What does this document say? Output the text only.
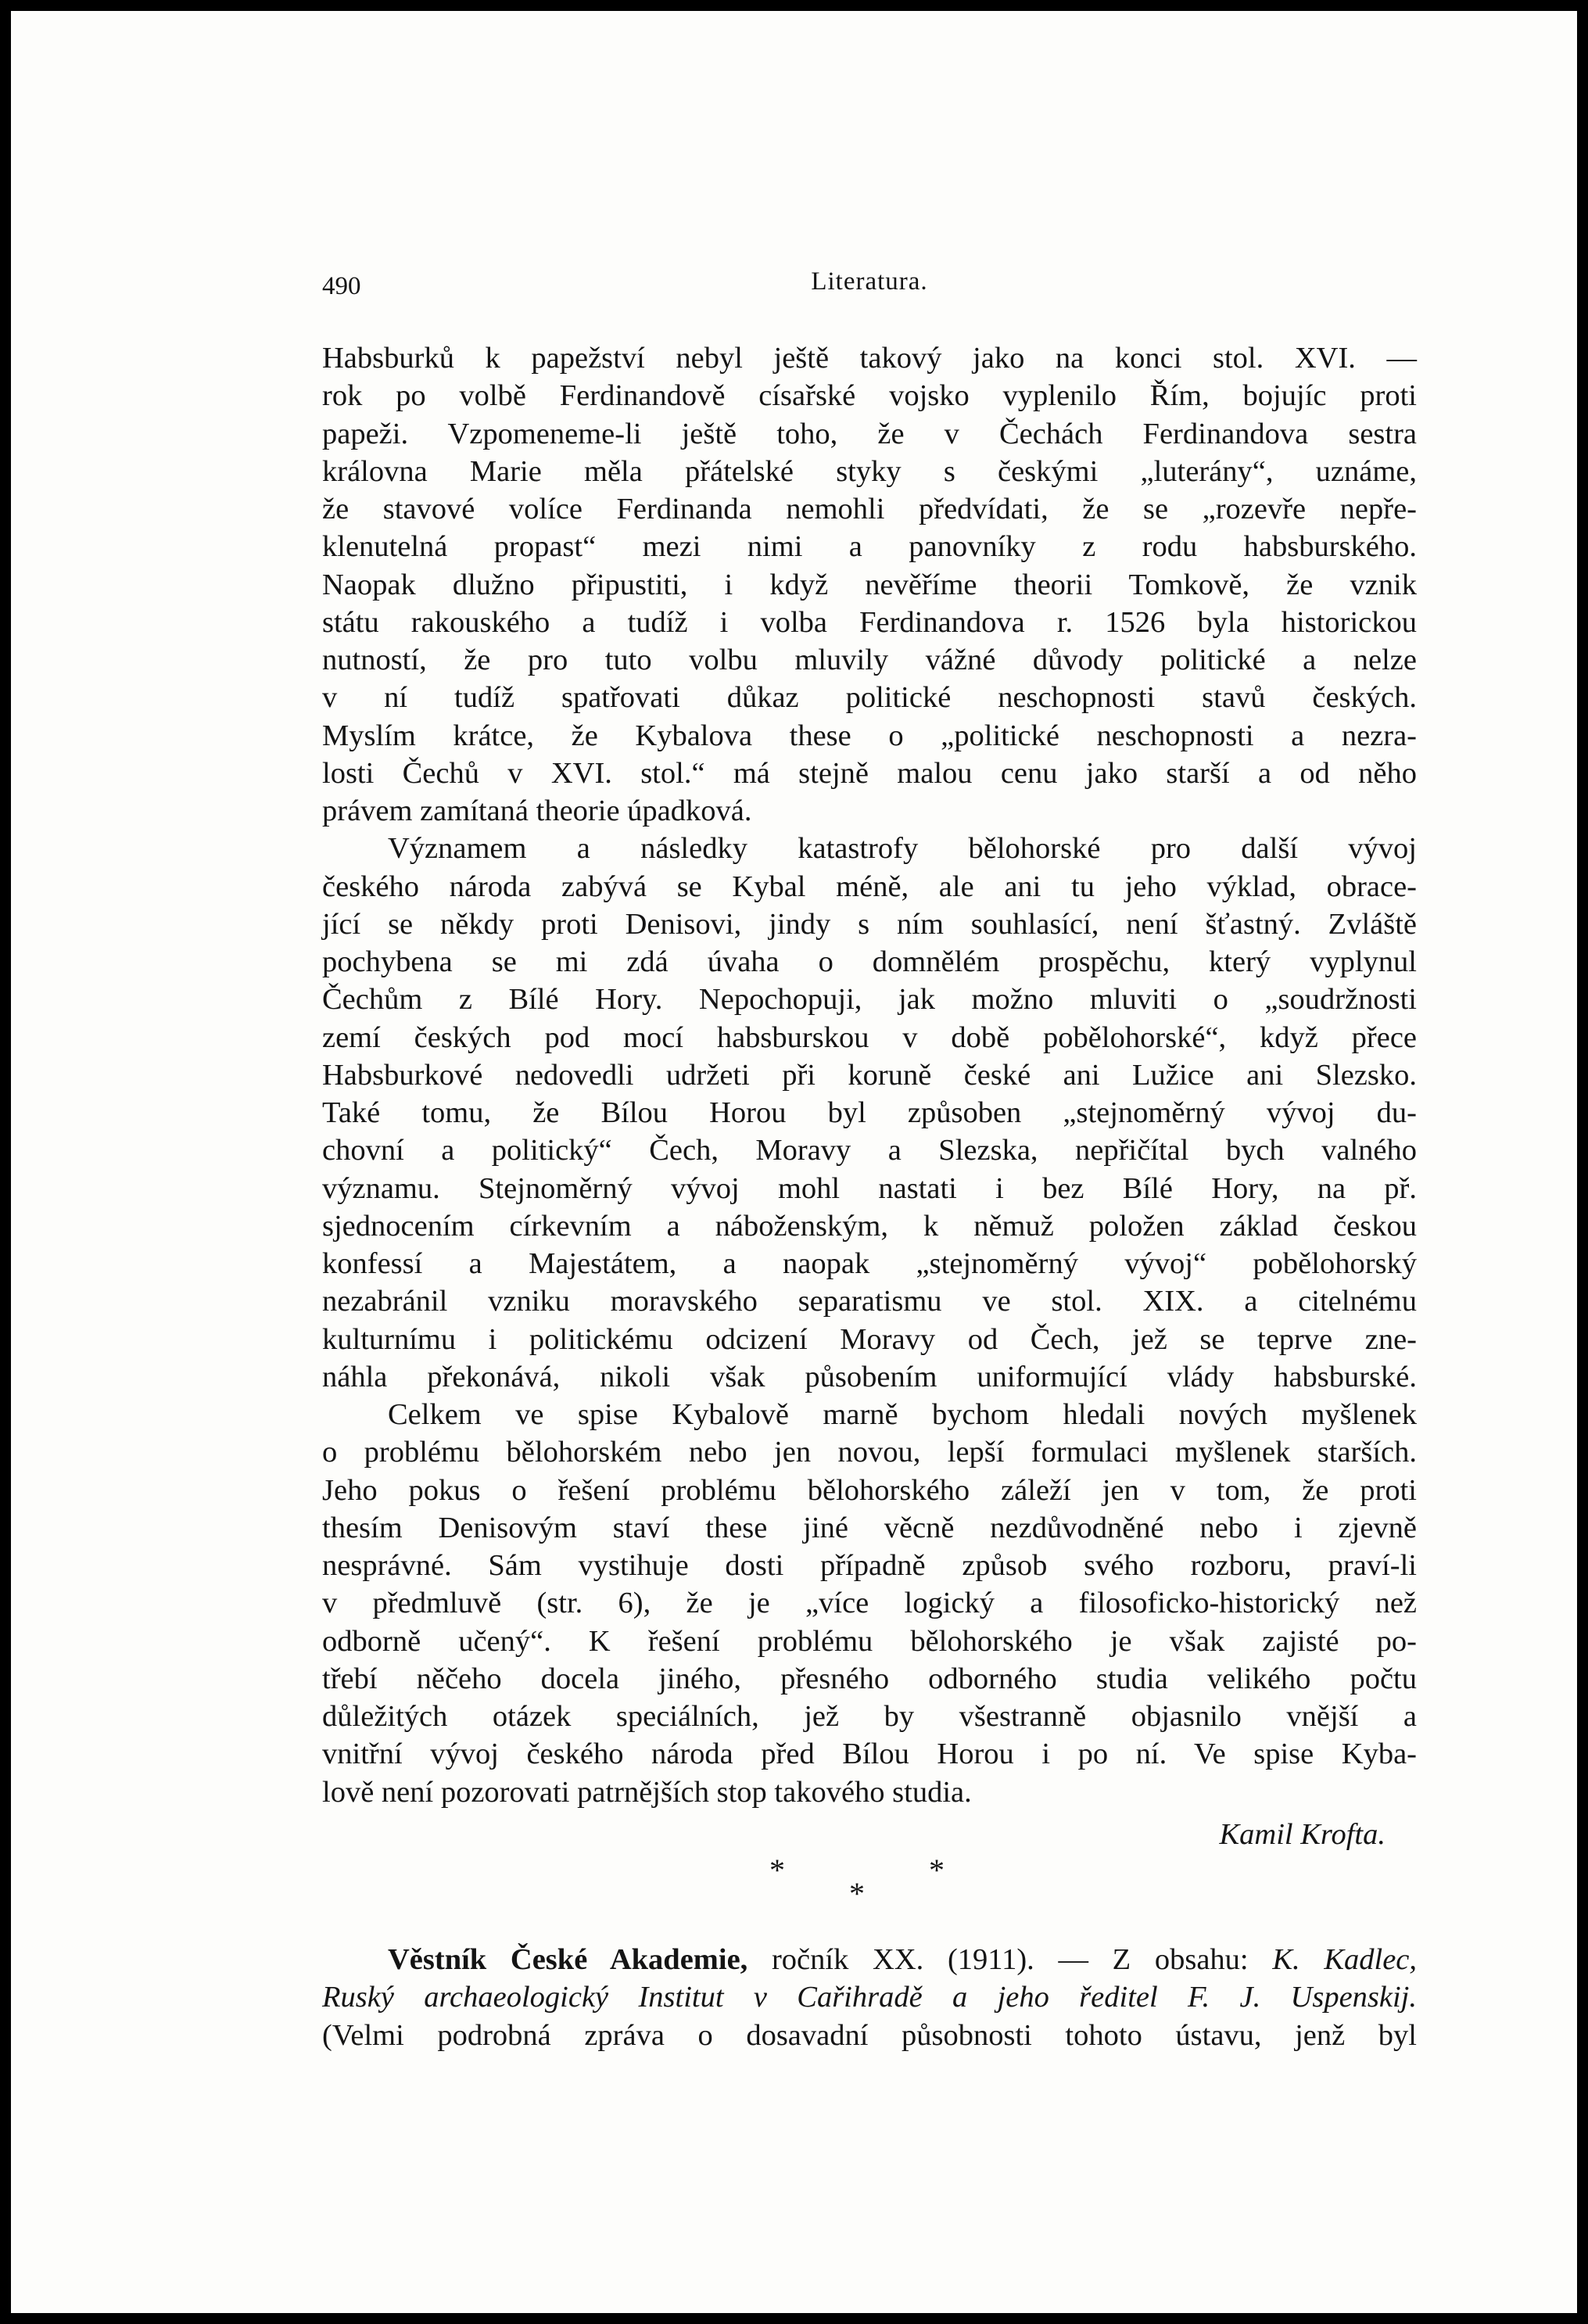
490	Literatura.
Habsburků k papežství nebyl ještě takový jako na konci stol. XVI. —
rok po volbě Ferdinandově císařské vojsko vyplenilo Řím, bojujíc proti
papeži. Vzpomeneme-li ještě toho, že v Čechách Ferdinandova sestra
královna Marie měla přátelské styky s českými „luterány“, uznáme,
že stavové volíce Ferdinanda nemohli předvídati, že se „rozevře nepře-
klenutelná propast“ mezi nimi a panovníky z rodu habsburského.
Naopak dlužno připustiti, i když nevěříme theorii Tomkově, že vznik
státu rakouského a tudíž i volba Ferdinandova r. 1526 byla historickou
nutností, že pro tuto volbu mluvily vážné důvody politické a nelze
v ní tudíž spatřovati důkaz politické neschopnosti stavů českých.
Myslím krátce, že Kybalova these o „politické neschopnosti a nezra-
losti Čechů v XVI. stol.“ má stejně malou cenu jako starší a od něho
právem zamítaná theorie úpadková.
Významem a následky katastrofy bělohorské pro další vývoj
českého národa zabývá se Kybal méně, ale ani tu jeho výklad, obrace-
jící se někdy proti Denisovi, jindy s ním souhlasící, není šťastný. Zvláště
pochybena se mi zdá úvaha o domnělém prospěchu, který vyplynul
Čechům z Bílé Hory. Nepochopuji, jak možno mluviti o „soudržnosti
zemí českých pod mocí habsburskou v době pobělohorské“, když přece
Habsburkové nedovedli udržeti při koruně české ani Lužice ani Slezsko.
Také tomu, že Bílou Horou byl způsoben „stejnoměrný vývoj du-
chovní a politický“ Čech, Moravy a Slezska, nepřičítal bych valného
významu. Stejnoměrný vývoj mohl nastati i bez Bílé Hory, na př.
sjednocením církevním a náboženským, k němuž položen základ českou
konfessí a Majestátem, a naopak „stejnoměrný vývoj“ pobělohorský
nezabránil vzniku moravského separatismu ve stol. XIX. a citelnému
kulturnímu i politickému odcizení Moravy od Čech, jež se teprve zne-
náhla překonává, nikoli však působením uniformující vlády habsburské.
Celkem ve spise Kybalově marně bychom hledali nových myšlenek
o problému bělohorském nebo jen novou, lepší formulaci myšlenek starších.
Jeho pokus o řešení problému bělohorského záleží jen v tom, že proti
thesím Denisovým staví these jiné věcně nezdůvodněné nebo i zjevně
nesprávné. Sám vystihuje dosti případně způsob svého rozboru, praví-li
v předmluvě (str. 6), že je „více logický a filosoficko-historický než
odborně učený“. K řešení problému bělohorského je však zajisté po-
třebí něčeho docela jiného, přesného odborného studia velikého počtu
důležitých otázek speciálních, jež by všestranně objasnilo vnější a
vnitřní vývoj českého národa před Bílou Horou i po ní. Ve spise Kyba-
lově není pozorovati patrnějších stop takového studia.
Kamil Krofta.
*
*
*
Věstník České Akademie, ročník XX. (1911). — Z obsahu: K. Kadlec,
Ruský archaeologický Institut v Cařihradě a jeho ředitel F. J. Uspenskij.
(Velmi podrobná zpráva o dosavadní působnosti tohoto ústavu, jenž byl
